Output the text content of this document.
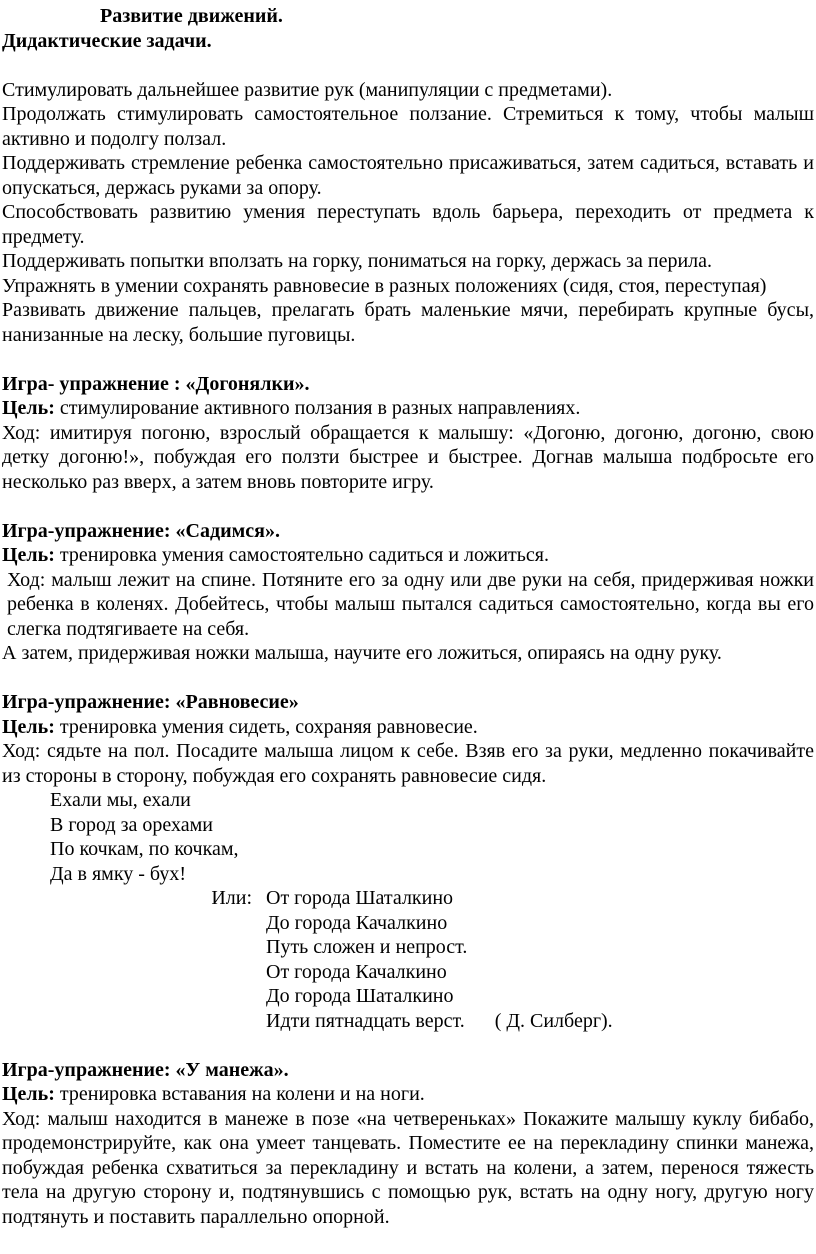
Развитие движений.
Дидактические задачи.
Стимулировать дальнейшее развитие рук (манипуляции с предметами).
Продолжать стимулировать самостоятельное ползание. Стремиться к тому, чтобы малыш активно и подолгу ползал.
Поддерживать стремление ребенка самостоятельно присаживаться, затем садиться, вставать и опускаться, держась руками за опору.
Способствовать развитию умения переступать вдоль барьера, переходить от предмета к предмету.
Поддерживать попытки вползать на горку, пониматься на горку, держась за перила.
Упражнять в умении сохранять равновесие в разных положениях (сидя, стоя, переступая)
Развивать движение пальцев, прелагать брать маленькие мячи, перебирать крупные бусы, нанизанные на леску, большие пуговицы.
Игра- упражнение : «Догонялки».
Цель: стимулирование активного ползания в разных направлениях.
Ход: имитируя погоню, взрослый обращается к малышу: «Догоню, догоню, догоню, свою детку догоню!», побуждая его ползти быстрее и быстрее. Догнав малыша подбросьте его несколько раз вверх, а затем вновь повторите игру.
Игра-упражнение: «Садимся».
Цель: тренировка умения самостоятельно садиться и ложиться.
Ход: малыш лежит на спине. Потяните его за одну или две руки на себя, придерживая ножки ребенка в коленях. Добейтесь, чтобы малыш пытался садиться самостоятельно, когда вы его слегка подтягиваете на себя.
А затем, придерживая ножки малыша, научите его ложиться, опираясь на одну руку.
Игра-упражнение: «Равновесие»
Цель: тренировка умения сидеть, сохраняя равновесие.
Ход: сядьте на пол. Посадите малыша лицом к себе. Взяв его за руки, медленно покачивайте из стороны в сторону, побуждая его сохранять равновесие сидя.
Ехали мы, ехали
В город за орехами
По кочкам, по кочкам,
Да в ямку - бух!
Или: От города Шаталкино
До города Качалкино
Путь сложен и непрост.
От города Качалкино
До города Шаталкино
Идти пятнадцать верст. ( Д. Силберг).
Игра-упражнение: «У манежа».
Цель: тренировка вставания на колени и на ноги.
Ход: малыш находится в манеже в позе «на четвереньках» Покажите малышу куклу бибабо, продемонстрируйте, как она умеет танцевать. Поместите ее на перекладину спинки манежа, побуждая ребенка схватиться за перекладину и встать на колени, а затем, перенося тяжесть тела на другую сторону и, подтянувшись с помощью рук, встать на одну ногу, другую ногу подтянуть и поставить параллельно опорной.
